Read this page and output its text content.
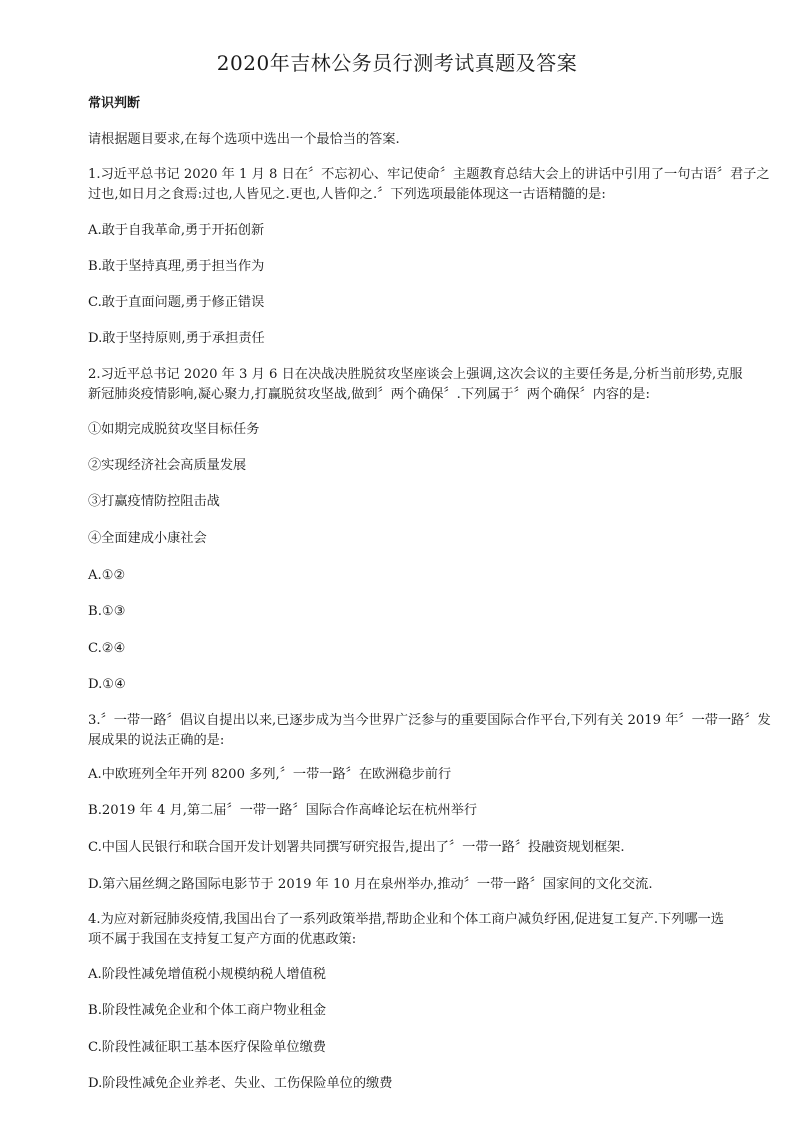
2020年吉林公务员行测考试真题及答案
常识判断
请根据题目要求,在每个选项中选出一个最恰当的答案.
1.习近平总书记 2020 年 1 月 8 日在〞不忘初心、牢记使命〞主题教育总结大会上的讲话中引用了一句古语〞君子之
过也,如日月之食焉:过也,人皆见之.更也,人皆仰之.〞下列选项最能体现这一古语精髓的是:
A.敢于自我革命,勇于开拓创新
B.敢于坚持真理,勇于担当作为
C.敢于直面问题,勇于修正错误
D.敢于坚持原则,勇于承担责任
2.习近平总书记 2020 年 3 月 6 日在决战决胜脱贫攻坚座谈会上强调,这次会议的主要任务是,分析当前形势,克服
新冠肺炎疫情影响,凝心聚力,打赢脱贫攻坚战,做到〞两个确保〞.下列属于〞两个确保〞内容的是:
①如期完成脱贫攻坚目标任务
②实现经济社会高质量发展
③打赢疫情防控阻击战
④全面建成小康社会
A.①②
B.①③
C.②④
D.①④
3.〞一带一路〞倡议自提出以来,已逐步成为当今世界广泛参与的重要国际合作平台,下列有关 2019 年〞一带一路〞发
展成果的说法正确的是:
A.中欧班列全年开列 8200 多列,〞一带一路〞在欧洲稳步前行
B.2019 年 4 月,第二届〞一带一路〞国际合作高峰论坛在杭州举行
C.中国人民银行和联合国开发计划署共同撰写研究报告,提出了〞一带一路〞投融资规划框架.
D.第六届丝绸之路国际电影节于 2019 年 10 月在泉州举办,推动〞一带一路〞国家间的文化交流.
4.为应对新冠肺炎疫情,我国出台了一系列政策举措,帮助企业和个体工商户减负纾困,促进复工复产.下列哪一选
项不属于我国在支持复工复产方面的优惠政策:
A.阶段性减免增值税小规模纳税人增值税
B.阶段性减免企业和个体工商户物业租金
C.阶段性减征职工基本医疗保险单位缴费
D.阶段性减免企业养老、失业、工伤保险单位的缴费
